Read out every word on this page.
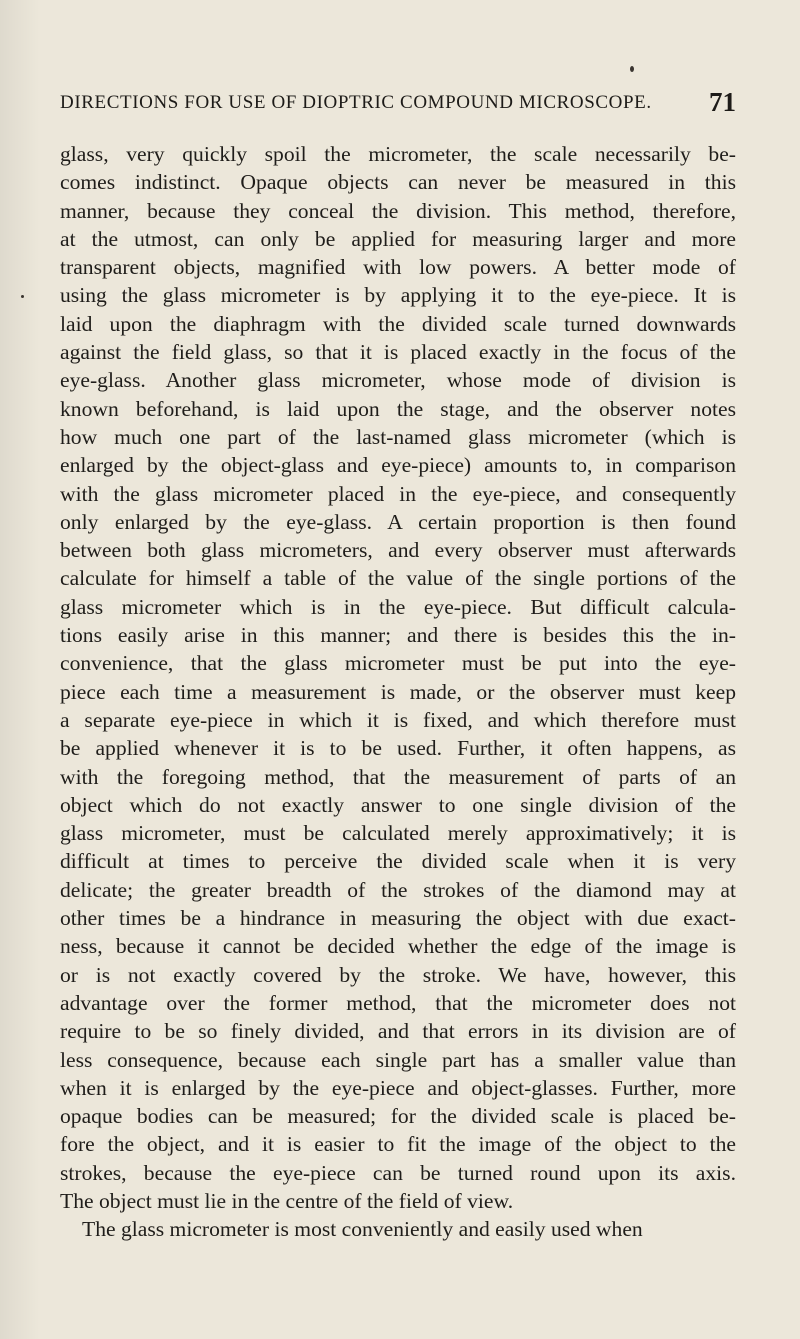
DIRECTIONS FOR USE OF DIOPTRIC COMPOUND MICROSCOPE. 71
glass, very quickly spoil the micrometer, the scale necessarily be-
comes indistinct. Opaque objects can never be measured in this
manner, because they conceal the division. This method, therefore,
at the utmost, can only be applied for measuring larger and more
transparent objects, magnified with low powers. A better mode of
using the glass micrometer is by applying it to the eye-piece. It is
laid upon the diaphragm with the divided scale turned downwards
against the field glass, so that it is placed exactly in the focus of the
eye-glass. Another glass micrometer, whose mode of division is
known beforehand, is laid upon the stage, and the observer notes
how much one part of the last-named glass micrometer (which is
enlarged by the object-glass and eye-piece) amounts to, in comparison
with the glass micrometer placed in the eye-piece, and consequently
only enlarged by the eye-glass. A certain proportion is then found
between both glass micrometers, and every observer must afterwards
calculate for himself a table of the value of the single portions of the
glass micrometer which is in the eye-piece. But difficult calcula-
tions easily arise in this manner; and there is besides this the in-
convenience, that the glass micrometer must be put into the eye-
piece each time a measurement is made, or the observer must keep
a separate eye-piece in which it is fixed, and which therefore must
be applied whenever it is to be used. Further, it often happens, as
with the foregoing method, that the measurement of parts of an
object which do not exactly answer to one single division of the
glass micrometer, must be calculated merely approximatively; it is
difficult at times to perceive the divided scale when it is very
delicate; the greater breadth of the strokes of the diamond may at
other times be a hindrance in measuring the object with due exact-
ness, because it cannot be decided whether the edge of the image is
or is not exactly covered by the stroke. We have, however, this
advantage over the former method, that the micrometer does not
require to be so finely divided, and that errors in its division are of
less consequence, because each single part has a smaller value than
when it is enlarged by the eye-piece and object-glasses. Further, more
opaque bodies can be measured; for the divided scale is placed be-
fore the object, and it is easier to fit the image of the object to the
strokes, because the eye-piece can be turned round upon its axis.
The object must lie in the centre of the field of view.
The glass micrometer is most conveniently and easily used when
